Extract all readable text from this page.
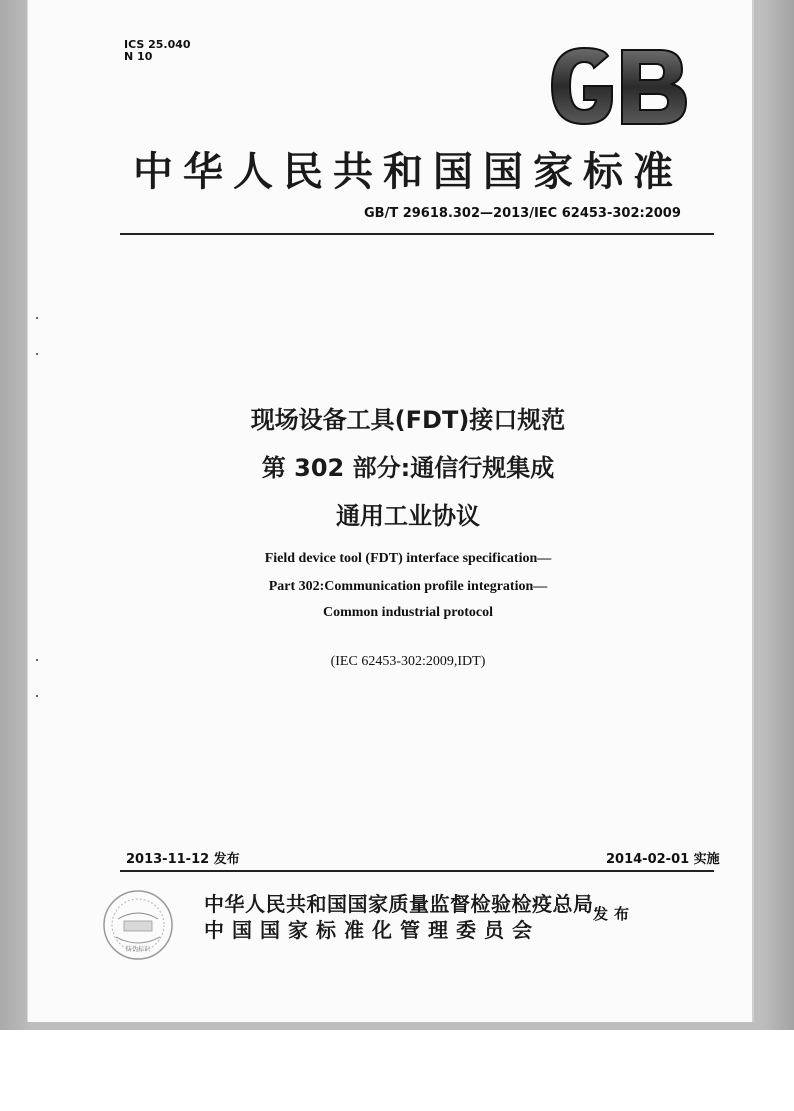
ICS 25.040
N 10
中华人民共和国国家标准
GB/T 29618.302—2013/IEC 62453-302:2009
现场设备工具(FDT)接口规范
第 302 部分:通信行规集成
通用工业协议
Field device tool (FDT) interface specification—
Part 302:Communication profile integration—
Common industrial protocol
(IEC 62453-302:2009,IDT)
2013-11-12 发布	2014-02-01 实施
防伪标识
中华人民共和国国家质量监督检验检疫总局
中国国家标准化管理委员会
发布
